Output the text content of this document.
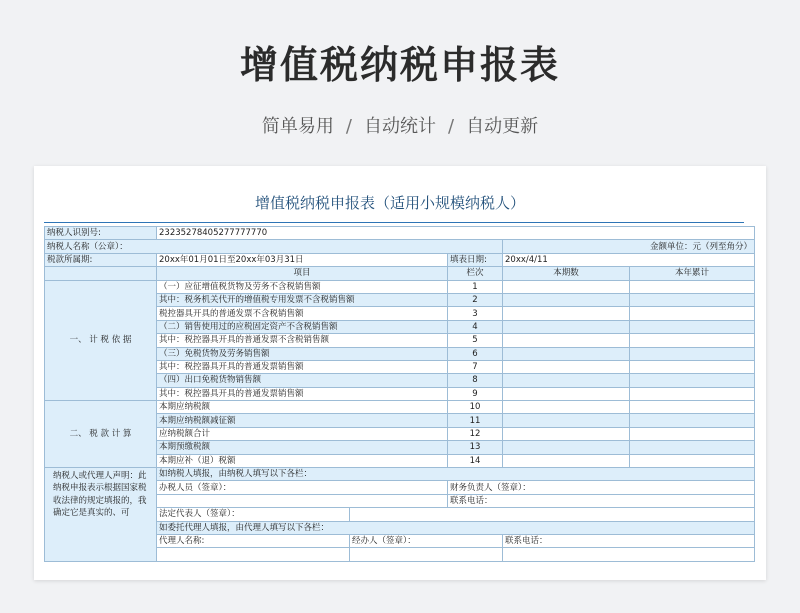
增值税纳税申报表
简单易用 / 自动统计 / 自动更新
增值税纳税申报表（适用小规模纳税人）
纳税人识别号:	23235278405277777770				
纳税人名称（公章）：				金额单位：元（列至角分）	
税款所属期:	20xx年01月01日至20xx年03月31日		填表日期:	20xx/4/11	
	项目		栏次	本期数	本年累计
一、 计 税 依 据	（一）应征增值税货物及劳务不含税销售额		1		
	其中：税务机关代开的增值税专用发票不含税销售额		2		
	税控器具开具的普通发票不含税销售额		3		
	（二）销售使用过的应税固定资产不含税销售额		4		
	其中：税控器具开具的普通发票不含税销售额		5		
	（三）免税货物及劳务销售额		6		
	其中：税控器具开具的普通发票销售额		7		
	（四）出口免税货物销售额		8		
	其中：税控器具开具的普通发票销售额		9		
二、 税 款 计 算	本期应纳税额		10		
	本期应纳税额减征额		11		
	应纳税额合计		12		
	本期预缴税额		13		
	本期应补（退）税额		14		
纳税人或代理人声明：此纳税申报表示根据国家税收法律的规定填报的，我确定它是真实的、可	如纳税人填报，由纳税人填写以下各栏：				
	办税人员（签章）：		财务负责人（签章）：		
			联系电话：		
	法定代表人（签章）：				
	如委托代理人填报，由代理人填写以下各栏：				
	代理人名称:	经办人（签章）：		联系电话：	
